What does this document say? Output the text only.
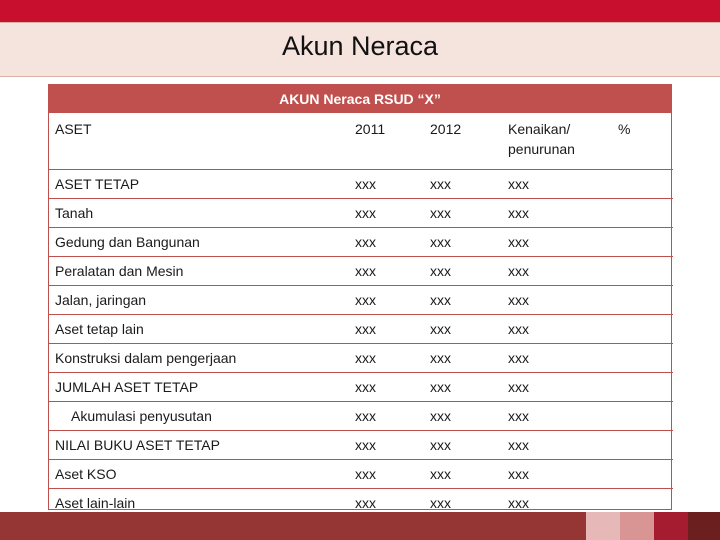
Akun Neraca
AKUN Neraca RSUD “X”
ASET	2011	2012	Kenaikan/ penurunan	%
ASET TETAP	xxx	xxx	xxx	
Tanah	xxx	xxx	xxx	
Gedung dan Bangunan	xxx	xxx	xxx	
Peralatan dan Mesin	xxx	xxx	xxx	
Jalan, jaringan	xxx	xxx	xxx	
Aset tetap lain	xxx	xxx	xxx	
Konstruksi dalam pengerjaan	xxx	xxx	xxx	
JUMLAH ASET TETAP	xxx	xxx	xxx	
Akumulasi penyusutan	xxx	xxx	xxx	
NILAI BUKU ASET TETAP	xxx	xxx	xxx	
Aset KSO	xxx	xxx	xxx	
Aset lain-lain	xxx	xxx	xxx	
